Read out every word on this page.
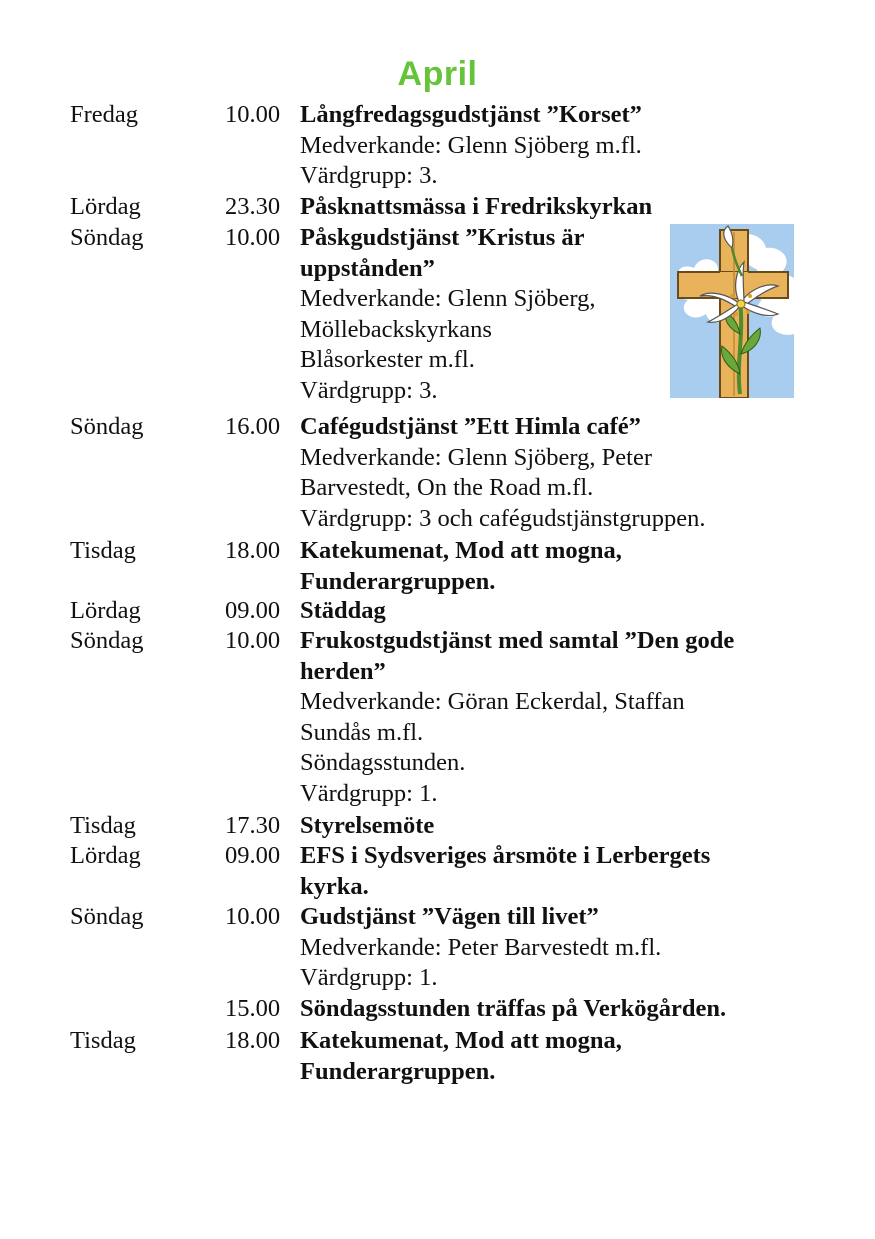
April
Fredag	10.00 Långfredagsgudstjänst ”Korset”
Medverkande: Glenn Sjöberg m.fl.
Värdgrupp: 3.
Lördag	23.30 Påsknattsmässa i Fredrikskyrkan
Söndag	10.00 Påskgudstjänst ”Kristus är
uppstånden”
Medverkande: Glenn Sjöberg,
Möllebackskyrkans
Blåsorkester m.fl.
Värdgrupp: 3.
Söndag	16.00 Cafégudstjänst ”Ett Himla café”
Medverkande: Glenn Sjöberg, Peter
Barvestedt, On the Road m.fl.
Värdgrupp: 3 och cafégudstjänstgruppen.
Tisdag	18.00 Katekumenat, Mod att mogna,
Funderargruppen.
Lördag	09.00 Städdag
Söndag	10.00 Frukostgudstjänst med samtal ”Den gode
herden”
Medverkande: Göran Eckerdal, Staffan
Sundås m.fl.
Söndagsstunden.
Värdgrupp: 1.
Tisdag	17.30 Styrelsemöte
Lördag	09.00 EFS i Sydsveriges årsmöte i Lerbergets
kyrka.
Söndag	10.00 Gudstjänst ”Vägen till livet”
Medverkande: Peter Barvestedt m.fl.
Värdgrupp: 1.
15.00 Söndagsstunden träffas på Verkögården.
Tisdag	18.00 Katekumenat, Mod att mogna,
Funderargruppen.
